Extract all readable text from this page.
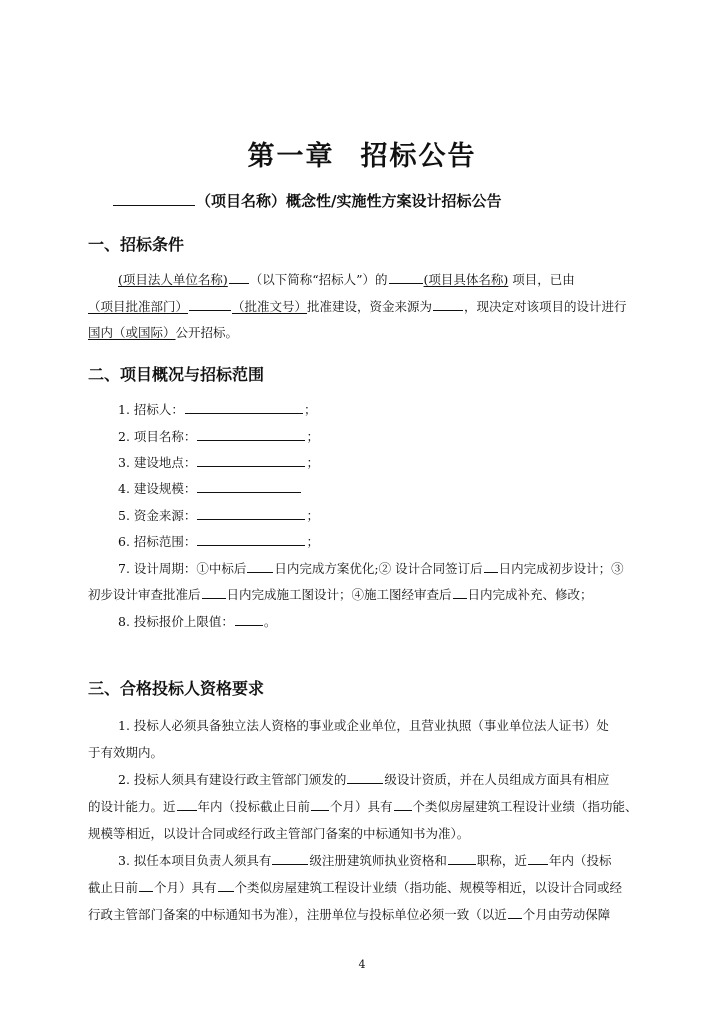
第一章 招标公告
（项目名称）概念性/实施性方案设计招标公告
一、招标条件
(项目法人单位名称) （以下简称“招标人”）的	(项目具体名称) 项目，已由
（项目批准部门）	（批准文号）批准建设，资金来源为	，现决定对该项目的设计进行
国内（或国际）公开招标。
二、项目概况与招标范围
1. 招标人：	；
2. 项目名称：	；
3. 建设地点：	；
4. 建设规模：
5. 资金来源：	；
6. 招标范围：	；
7. 设计周期：①中标后 日内完成方案优化;② 设计合同签订后 日内完成初步设计；③
初步设计审查批准后 日内完成施工图设计；④施工图经审查后 日内完成补充、修改；
8. 投标报价上限值： 。
三、合格投标人资格要求
1. 投标人必须具备独立法人资格的事业或企业单位，且营业执照（事业单位法人证书）处
于有效期内。
2. 投标人须具有建设行政主管部门颁发的	级设计资质，并在人员组成方面具有相应
的设计能力。近 年内（投标截止日前 个月）具有 个类似房屋建筑工程设计业绩（指功能、
规模等相近，以设计合同或经行政主管部门备案的中标通知书为准）。
3. 拟任本项目负责人须具有	级注册建筑师执业资格和 职称，近 年内（投标
截止日前 个月）具有 个类似房屋建筑工程设计业绩（指功能、规模等相近，以设计合同或经
行政主管部门备案的中标通知书为准），注册单位与投标单位必须一致（以近 个月由劳动保障
4
